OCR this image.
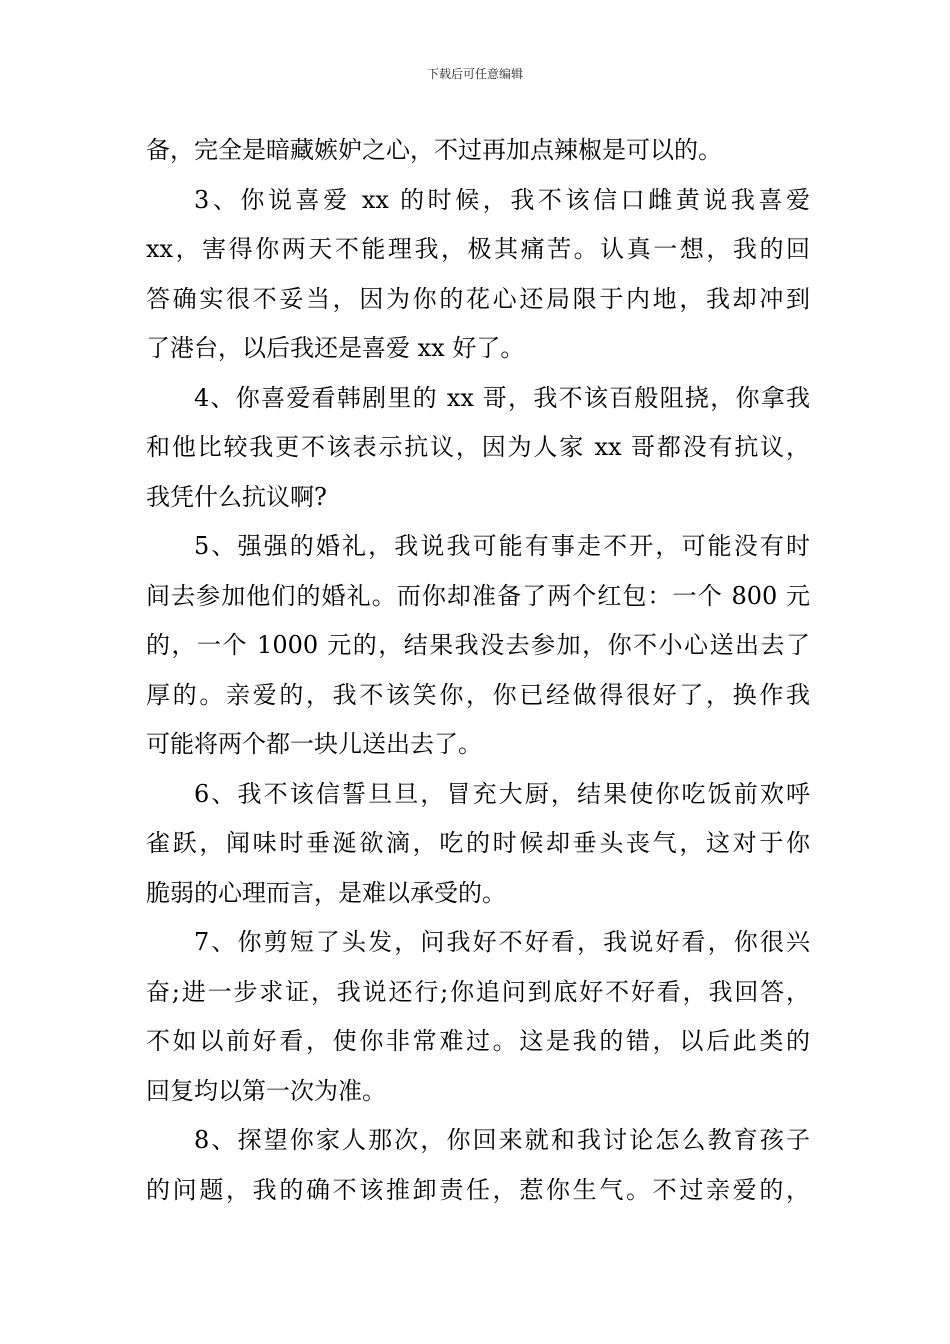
下载后可任意编辑
备，完全是暗藏嫉妒之心，不过再加点辣椒是可以的。
3、你说喜爱 xx 的时候，我不该信口雌黄说我喜爱
xx，害得你两天不能理我，极其痛苦。认真一想，我的回
答确实很不妥当，因为你的花心还局限于内地，我却冲到
了港台，以后我还是喜爱 xx 好了。
4、你喜爱看韩剧里的 xx 哥，我不该百般阻挠，你拿我
和他比较我更不该表示抗议，因为人家 xx 哥都没有抗议，
我凭什么抗议啊?
5、强强的婚礼，我说我可能有事走不开，可能没有时
间去参加他们的婚礼。而你却准备了两个红包：一个 800 元
的，一个 1000 元的，结果我没去参加，你不小心送出去了
厚的。亲爱的，我不该笑你，你已经做得很好了，换作我
可能将两个都一块儿送出去了。
6、我不该信誓旦旦，冒充大厨，结果使你吃饭前欢呼
雀跃，闻味时垂涎欲滴，吃的时候却垂头丧气，这对于你
脆弱的心理而言，是难以承受的。
7、你剪短了头发，问我好不好看，我说好看，你很兴
奋;进一步求证，我说还行;你追问到底好不好看，我回答，
不如以前好看，使你非常难过。这是我的错，以后此类的
回复均以第一次为准。
8、探望你家人那次，你回来就和我讨论怎么教育孩子
的问题，我的确不该推卸责任，惹你生气。不过亲爱的，
